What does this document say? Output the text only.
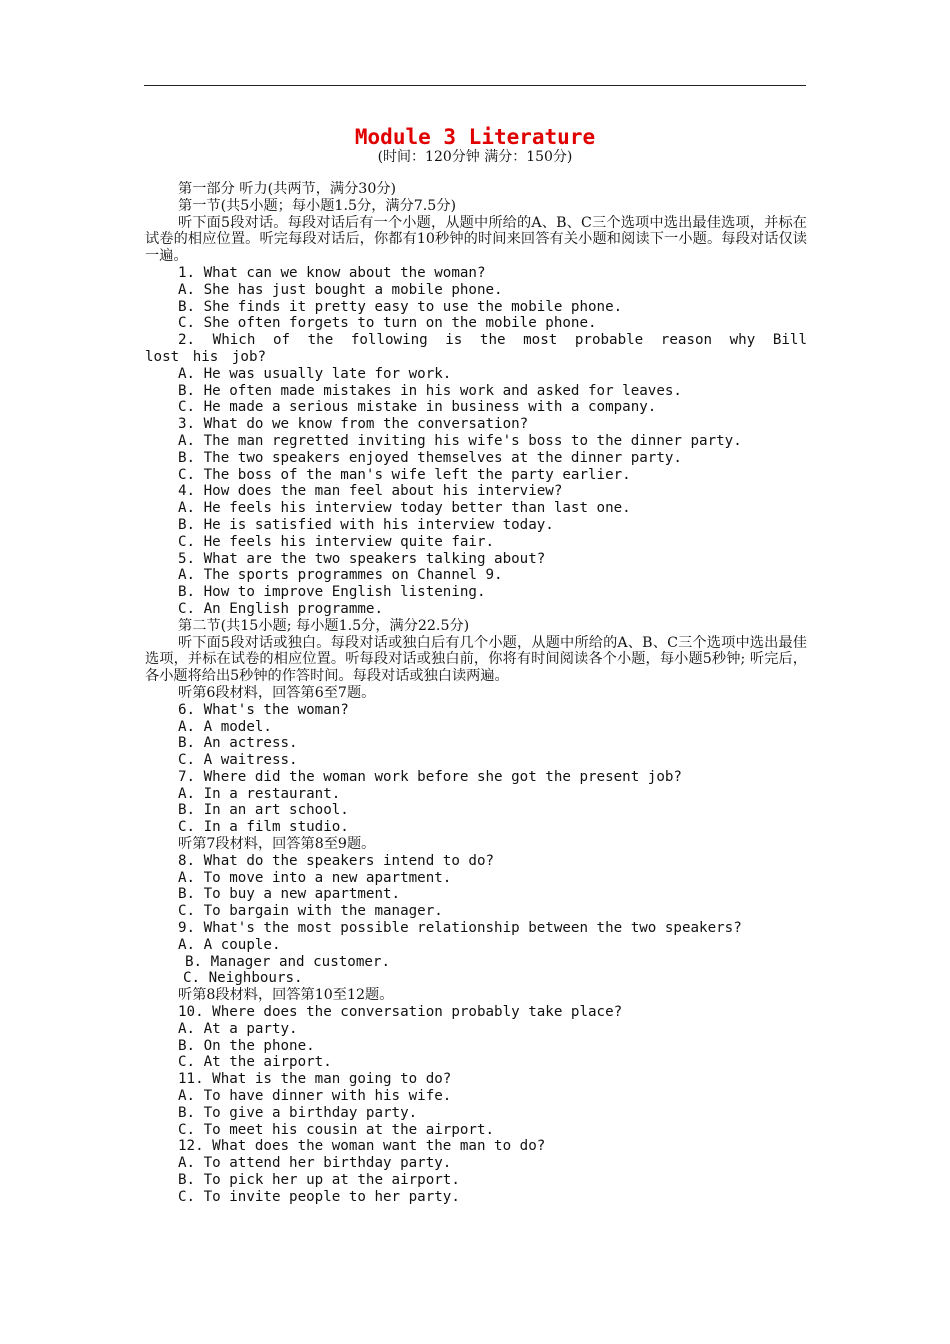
Module 3 Literature
(时间：120分钟 满分：150分)
第一部分 听力(共两节，满分30分)
第一节(共5小题；每小题1.5分，满分7.5分)
听下面5段对话。每段对话后有一个小题，从题中所给的A、B、C三个选项中选出最佳选项，并标在试卷的相应位置。听完每段对话后，你都有10秒钟的时间来回答有关小题和阅读下一小题。每段对话仅读一遍。
1. What can we know about the woman?
A. She has just bought a mobile phone.
B. She finds it pretty easy to use the mobile phone.
C. She often forgets to turn on the mobile phone.
2. Which of the following is the most probable reason why Bill lost his job?
A. He was usually late for work.
B. He often made mistakes in his work and asked for leaves.
C. He made a serious mistake in business with a company.
3. What do we know from the conversation?
A. The man regretted inviting his wife's boss to the dinner party.
B. The two speakers enjoyed themselves at the dinner party.
C. The boss of the man's wife left the party earlier.
4. How does the man feel about his interview?
A. He feels his interview today better than last one.
B. He is satisfied with his interview today.
C. He feels his interview quite fair.
5. What are the two speakers talking about?
A. The sports programmes on Channel 9.
B. How to improve English listening.
C. An English programme.
第二节(共15小题; 每小题1.5分，满分22.5分)
听下面5段对话或独白。每段对话或独白后有几个小题，从题中所给的A、B、C三个选项中选出最佳选项，并标在试卷的相应位置。听每段对话或独白前，你将有时间阅读各个小题，每小题5秒钟; 听完后，各小题将给出5秒钟的作答时间。每段对话或独白读两遍。
听第6段材料，回答第6至7题。
6. What's the woman?
A. A model.
B. An actress.
C. A waitress.
7. Where did the woman work before she got the present job?
A. In a restaurant.
B. In an art school.
C. In a film studio.
听第7段材料，回答第8至9题。
8. What do the speakers intend to do?
A. To move into a new apartment.
B. To buy a new apartment.
C. To bargain with the manager.
9. What's the most possible relationship between the two speakers?
A. A couple.
B. Manager and customer.
C. Neighbours.
听第8段材料，回答第10至12题。
10. Where does the conversation probably take place?
A. At a party.
B. On the phone.
C. At the airport.
11. What is the man going to do?
A. To have dinner with his wife.
B. To give a birthday party.
C. To meet his cousin at the airport.
12. What does the woman want the man to do?
A. To attend her birthday party.
B. To pick her up at the airport.
C. To invite people to her party.
